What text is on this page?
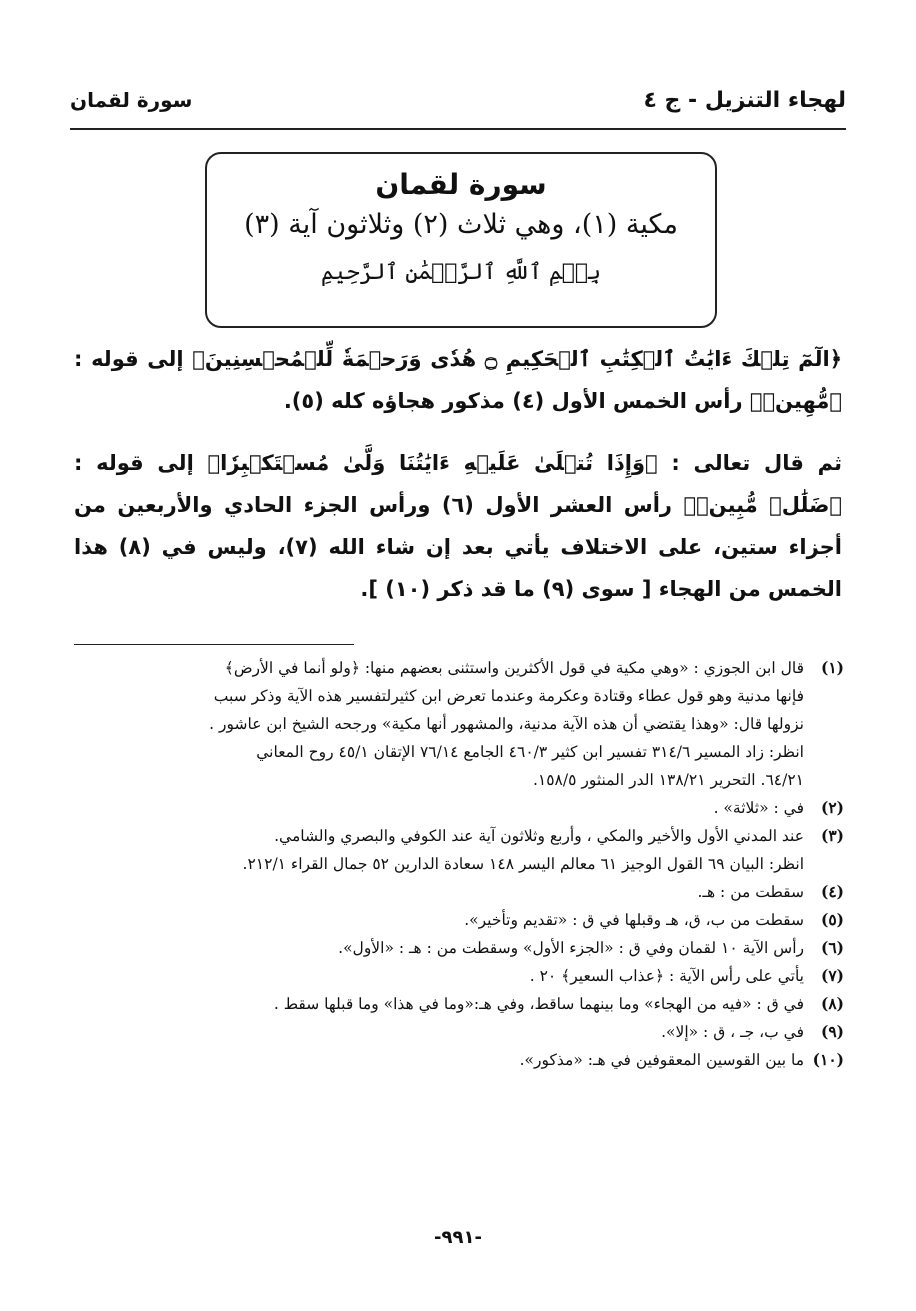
لهجاء التنزيل - ج ٤
سورة لقمان
سورة لقمان
مكية (١)، وهي ثلاث (٢) وثلاثون آية (٣)
بِسۡمِ ٱللَّهِ ٱلرَّحۡمَٰنِ ٱلرَّحِيمِ

﴿الٓمٓ تِلۡكَ ءَايَٰتُ ٱلۡكِتَٰبِ ٱلۡحَكِيمِ ۝ هُدٗى وَرَحۡمَةٗ لِّلۡمُحۡسِنِينَ﴾ إلى قوله : ﴿مُّهِينٞ﴾ رأس الخمس الأول (٤) مذكور هجاؤه كله (٥).

ثم قال تعالى : ﴿وَإِذَا تُتۡلَىٰ عَلَيۡهِ ءَايَٰتُنَا وَلَّىٰ مُسۡتَكۡبِرٗا﴾ إلى قوله : ﴿ضَلَٰلٖ مُّبِينٖ﴾ رأس العشر الأول (٦) ورأس الجزء الحادي والأربعين من أجزاء ستين، على الاختلاف يأتي بعد إن شاء الله (٧)، وليس في (٨) هذا الخمس من الهجاء [ سوى (٩) ما قد ذكر (١٠) ].

(١)
قال ابن الجوزي : «وهي مكية في قول الأكثرين واستثنى بعضهم منها: ﴿ولو أنما في الأرض﴾
فإنها مدنية وهو قول عطاء وقتادة وعكرمة وعندما تعرض ابن كثيرلتفسير هذه الآية وذكر سبب
نزولها قال: «وهذا يقتضي أن هذه الآية مدنية، والمشهور أنها مكية» ورجحه الشيخ ابن عاشور .
انظر: زاد المسير ٣١٤/٦ تفسير ابن كثير ٤٦٠/٣ الجامع ٧٦/١٤ الإتقان ٤٥/١ روح المعاني
٦٤/٢١. التحرير ١٣٨/٢١ الدر المنثور ١٥٨/٥.
(٢)
في : «ثلاثة» .
(٣)
عند المدني الأول والأخير والمكي ، وأربع وثلاثون آية عند الكوفي والبصري والشامي.
انظر: البيان ٦٩ القول الوجيز ٦١ معالم اليسر ١٤٨ سعادة الدارين ٥٢ جمال القراء ٢١٢/١.
(٤)
سقطت من : هـ.
(٥)
سقطت من ب، ق، هـ وقبلها في ق : «تقديم وتأخير».
(٦)
رأس الآية ١٠ لقمان وفي ق : «الجزء الأول» وسقطت من : هـ : «الأول».
(٧)
يأتي على رأس الآية : ﴿عذاب السعير﴾ ٢٠ .
(٨)
في ق : «فيه من الهجاء» وما بينهما ساقط، وفي هـ:«وما في هذا» وما قبلها سقط .
(٩)
في ب، جـ ، ق : «إلا».
(١٠)
ما بين القوسين المعقوفين في هـ: «مذكور».
-٩٩١-
